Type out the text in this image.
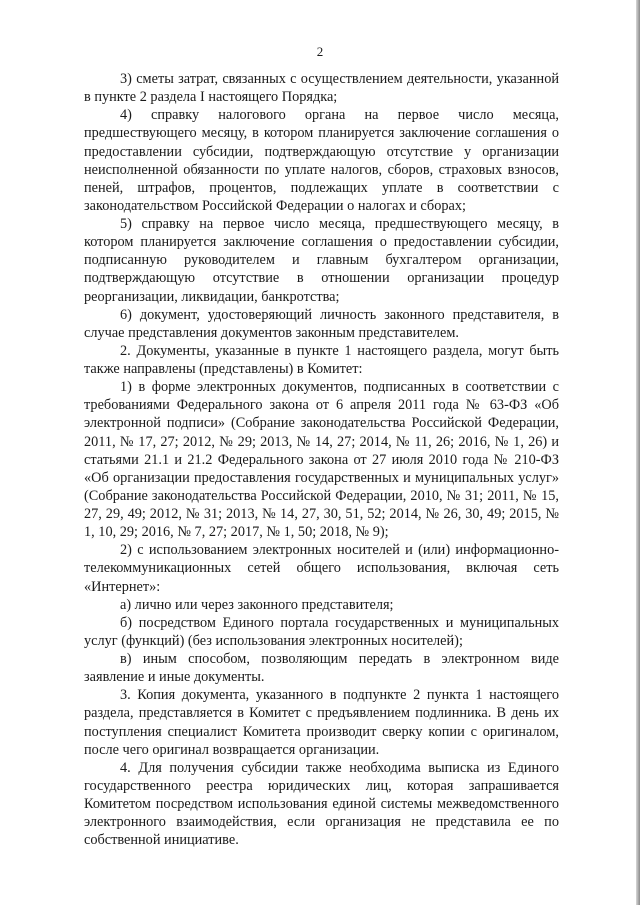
2

3) сметы затрат, связанных с осуществлением деятельности, указанной в пункте 2 раздела I настоящего Порядка;

4) справку налогового органа на первое число месяца, предшествующего месяцу, в котором планируется заключение соглашения о предоставлении субсидии, подтверждающую отсутствие у организации неисполненной обязанности по уплате налогов, сборов, страховых взносов, пеней, штрафов, процентов, подлежащих уплате в соответствии с законодательством Российской Федерации о налогах и сборах;

5) справку на первое число месяца, предшествующего месяцу, в котором планируется заключение соглашения о предоставлении субсидии, подписанную руководителем и главным бухгалтером организации, подтверждающую отсутствие в отношении организации процедур реорганизации, ликвидации, банкротства;

6) документ, удостоверяющий личность законного представителя, в случае представления документов законным представителем.

2. Документы, указанные в пункте 1 настоящего раздела, могут быть также направлены (представлены) в Комитет:

1) в форме электронных документов, подписанных в соответствии с требованиями Федерального закона от 6 апреля 2011 года № 63-ФЗ «Об электронной подписи» (Собрание законодательства Российской Федерации, 2011, № 17, 27; 2012, № 29; 2013, № 14, 27; 2014, № 11, 26; 2016, № 1, 26) и статьями 21.1 и 21.2 Федерального закона от 27 июля 2010 года № 210-ФЗ «Об организации предоставления государственных и муниципальных услуг» (Собрание законодательства Российской Федерации, 2010, № 31; 2011, № 15, 27, 29, 49; 2012, № 31; 2013, № 14, 27, 30, 51, 52; 2014, № 26, 30, 49; 2015, № 1, 10, 29; 2016, № 7, 27; 2017, № 1, 50; 2018, № 9);

2) с использованием электронных носителей и (или) информационно-телекоммуникационных сетей общего использования, включая сеть «Интернет»:

а) лично или через законного представителя;

б) посредством Единого портала государственных и муниципальных услуг (функций) (без использования электронных носителей);

в) иным способом, позволяющим передать в электронном виде заявление и иные документы.

3. Копия документа, указанного в подпункте 2 пункта 1 настоящего раздела, представляется в Комитет с предъявлением подлинника. В день их поступления специалист Комитета производит сверку копии с оригиналом, после чего оригинал возвращается организации.

4. Для получения субсидии также необходима выписка из Единого государственного реестра юридических лиц, которая запрашивается Комитетом посредством использования единой системы межведомственного электронного взаимодействия, если организация не представила ее по собственной инициативе.
